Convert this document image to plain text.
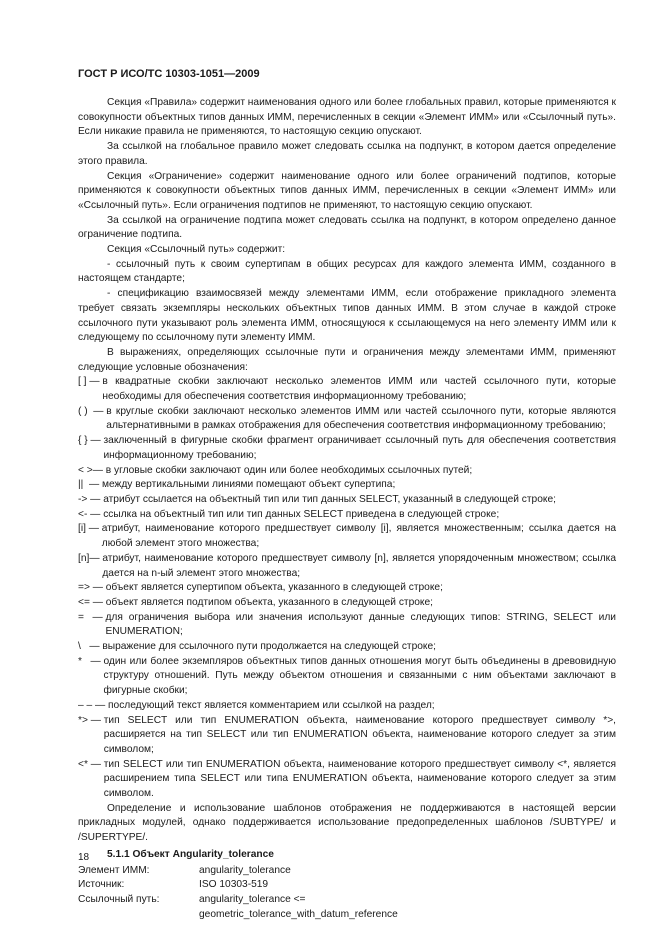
ГОСТ Р ИСО/ТС 10303-1051—2009

Секция «Правила» содержит наименования одного или более глобальных правил, которые применяются к совокупности объектных типов данных ИММ, перечисленных в секции «Элемент ИММ» или «Ссылочный путь». Если никакие правила не применяются, то настоящую секцию опускают.

За ссылкой на глобальное правило может следовать ссылка на подпункт, в котором дается определение этого правила.

Секция «Ограничение» содержит наименование одного или более ограничений подтипов, которые применяются к совокупности объектных типов данных ИММ, перечисленных в секции «Элемент ИММ» или «Ссылочный путь». Если ограничения подтипов не применяют, то настоящую секцию опускают.

За ссылкой на ограничение подтипа может следовать ссылка на подпункт, в котором определено данное ограничение подтипа.

Секция «Ссылочный путь» содержит:

- ссылочный путь к своим супертипам в общих ресурсах для каждого элемента ИММ, созданного в настоящем стандарте;

- спецификацию взаимосвязей между элементами ИММ, если отображение прикладного элемента требует связать экземпляры нескольких объектных типов данных ИММ. В этом случае в каждой строке ссылочного пути указывают роль элемента ИММ, относящуюся к ссылающемуся на него элементу ИММ или к следующему по ссылочному пути элементу ИММ.

В выражениях, определяющих ссылочные пути и ограничения между элементами ИММ, применяют следующие условные обозначения:

[ ] — в квадратные скобки заключают несколько элементов ИММ или частей ссылочного пути, которые необходимы для обеспечения соответствия информационному требованию;
( )  — в круглые скобки заключают несколько элементов ИММ или частей ссылочного пути, которые являются альтернативными в рамках отображения для обеспечения соответствия информационному требованию;
{ } — заключенный в фигурные скобки фрагмент ограничивает ссылочный путь для обеспечения соответствия информационному требованию;
< >— в угловые скобки заключают один или более необходимых ссылочных путей;
||  — между вертикальными линиями помещают объект супертипа;
-> — атрибут ссылается на объектный тип или тип данных SELECT, указанный в следующей строке;
<- — ссылка на объектный тип или тип данных SELECT приведена в следующей строке;
[i] — атрибут, наименование которого предшествует символу [i], является множественным; ссылка дается на любой элемент этого множества;
[n]— атрибут, наименование которого предшествует символу [n], является упорядоченным множеством; ссылка дается на n-ый элемент этого множества;
=> — объект является супертипом объекта, указанного в следующей строке;
<= — объект является подтипом объекта, указанного в следующей строке;
=   — для ограничения выбора или значения используют данные следующих типов: STRING, SELECT или ENUMERATION;
\   — выражение для ссылочного пути продолжается на следующей строке;
*   — один или более экземпляров объектных типов данных отношения могут быть объединены в древовидную структуру отношений. Путь между объектом отношения и связанными с ним объектами заключают в фигурные скобки;
– – — последующий текст является комментарием или ссылкой на раздел;
*> — тип SELECT или тип ENUMERATION объекта, наименование которого предшествует символу *>, расширяется на тип SELECT или тип ENUMERATION объекта, наименование которого следует за этим символом;
<* — тип SELECT или тип ENUMERATION объекта, наименование которого предшествует символу <*, является расширением типа SELECT или типа ENUMERATION объекта, наименование которого следует за этим символом.

Определение и использование шаблонов отображения не поддерживаются в настоящей версии прикладных модулей, однако поддерживается использование предопределенных шаблонов /SUBTYPE/ и /SUPERTYPE/.

5.1.1 Объект Angularity_tolerance
Элемент ИММ:	angularity_tolerance
Источник:	ISO 10303-519
Ссылочный путь:	angularity_tolerance <=
geometric_tolerance_with_datum_reference
18
